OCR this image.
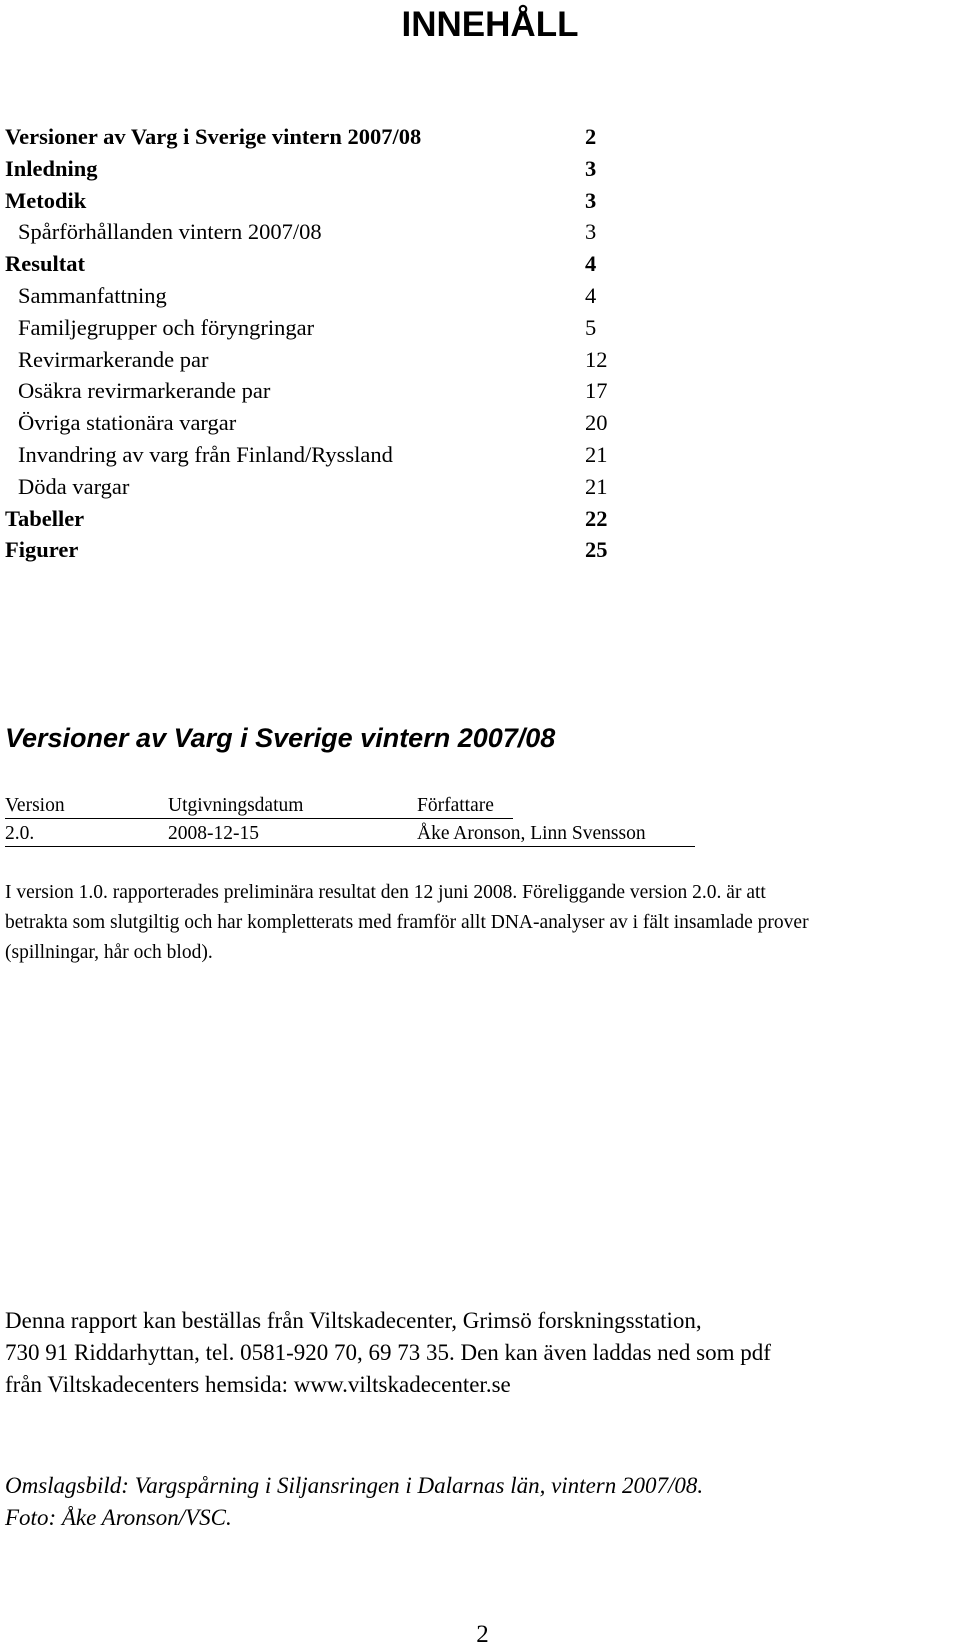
INNEHÅLL
Versioner av Varg i Sverige vintern 2007/08	2
Inledning	3
Metodik	3
Spårförhållanden vintern 2007/08	3
Resultat	4
Sammanfattning	4
Familjegrupper och föryngringar	5
Revirmarkerande par	12
Osäkra revirmarkerande par	17
Övriga stationära vargar	20
Invandring av varg från Finland/Ryssland	21
Döda vargar	21
Tabeller	22
Figurer	25
Versioner av Varg i Sverige vintern 2007/08
Version	Utgivningsdatum	Författare
2.0.	2008-12-15	Åke Aronson, Linn Svensson
I version 1.0. rapporterades preliminära resultat den 12 juni 2008. Föreliggande version 2.0. är att
betrakta som slutgiltig och har kompletterats med framför allt DNA-analyser av i fält insamlade prover
(spillningar, hår och blod).
Denna rapport kan beställas från Viltskadecenter, Grimsö forskningsstation,
730 91 Riddarhyttan, tel. 0581-920 70, 69 73 35. Den kan även laddas ned som pdf
från Viltskadecenters hemsida: www.viltskadecenter.se
Omslagsbild: Vargspårning i Siljansringen i Dalarnas län, vintern 2007/08.
Foto: Åke Aronson/VSC.
2
